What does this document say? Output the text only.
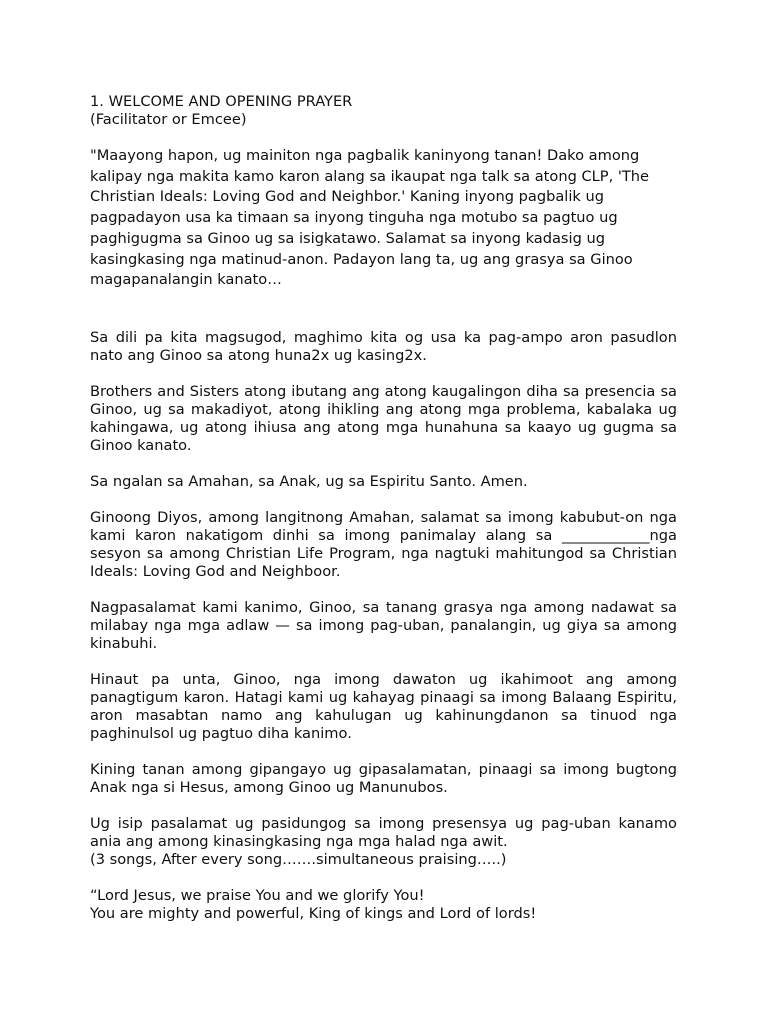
1. WELCOME AND OPENING PRAYER
(Facilitator or Emcee)

"Maayong hapon, ug mainiton nga pagbalik kaninyong tanan! Dako among kalipay nga makita kamo karon alang sa ikaupat nga talk sa atong CLP, 'The Christian Ideals: Loving God and Neighbor.' Kaning inyong pagbalik ug pagpadayon usa ka timaan sa inyong tinguha nga motubo sa pagtuo ug paghigugma sa Ginoo ug sa isigkatawo. Salamat sa inyong kadasig ug kasingkasing nga matinud-anon. Padayon lang ta, ug ang grasya sa Ginoo magapanalangin kanato…

Sa dili pa kita magsugod, maghimo kita og usa ka pag-ampo aron pasudlon nato ang Ginoo sa atong huna2x ug kasing2x.

Brothers and Sisters atong ibutang ang atong kaugalingon diha sa presencia sa Ginoo, ug sa makadiyot, atong ihikling ang atong mga problema, kabalaka ug kahingawa, ug atong ihiusa ang atong mga hunahuna sa kaayo ug gugma sa Ginoo kanato.

Sa ngalan sa Amahan, sa Anak, ug sa Espiritu Santo. Amen.

Ginoong Diyos, among langitnong Amahan, salamat sa imong kabubut-on nga kami karon nakatigom dinhi sa imong panimalay alang sa ____________nga sesyon sa among Christian Life Program, nga nagtuki mahitungod sa Christian Ideals: Loving God and Neighboor.

Nagpasalamat kami kanimo, Ginoo, sa tanang grasya nga among nadawat sa milabay nga mga adlaw — sa imong pag-uban, panalangin, ug giya sa among kinabuhi.

Hinaut pa unta, Ginoo, nga imong dawaton ug ikahimoot ang among panagtigum karon. Hatagi kami ug kahayag pinaagi sa imong Balaang Espiritu, aron masabtan namo ang kahulugan ug kahinungdanon sa tinuod nga paghinulsol ug pagtuo diha kanimo.

Kining tanan among gipangayo ug gipasalamatan, pinaagi sa imong bugtong Anak nga si Hesus, among Ginoo ug Manunubos.

Ug isip pasalamat ug pasidungog sa imong presensya ug pag-uban kanamo ania ang among kinasingkasing nga mga halad nga awit.

(3 songs, After every song…….simultaneous praising…..)
“Lord Jesus, we praise You and we glorify You!
You are mighty and powerful, King of kings and Lord of lords!
